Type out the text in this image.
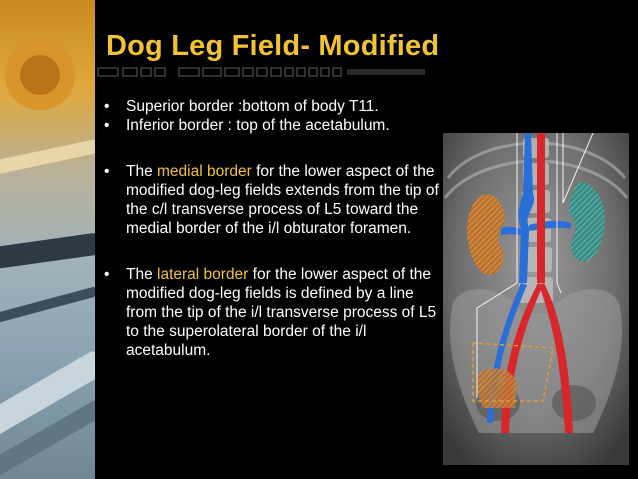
Dog Leg Field- Modified
• Superior border :bottom of body T11.
• Inferior border : top of the acetabulum.
• The medial border for the lower aspect of the modified dog-leg fields extends from the tip of the c/l transverse process of L5 toward the medial border of the i/l obturator foramen.
• The lateral border for the lower aspect of the modified dog-leg fields is defined by a line from the tip of the i/l transverse process of L5 to the superolateral border of the i/l acetabulum.
